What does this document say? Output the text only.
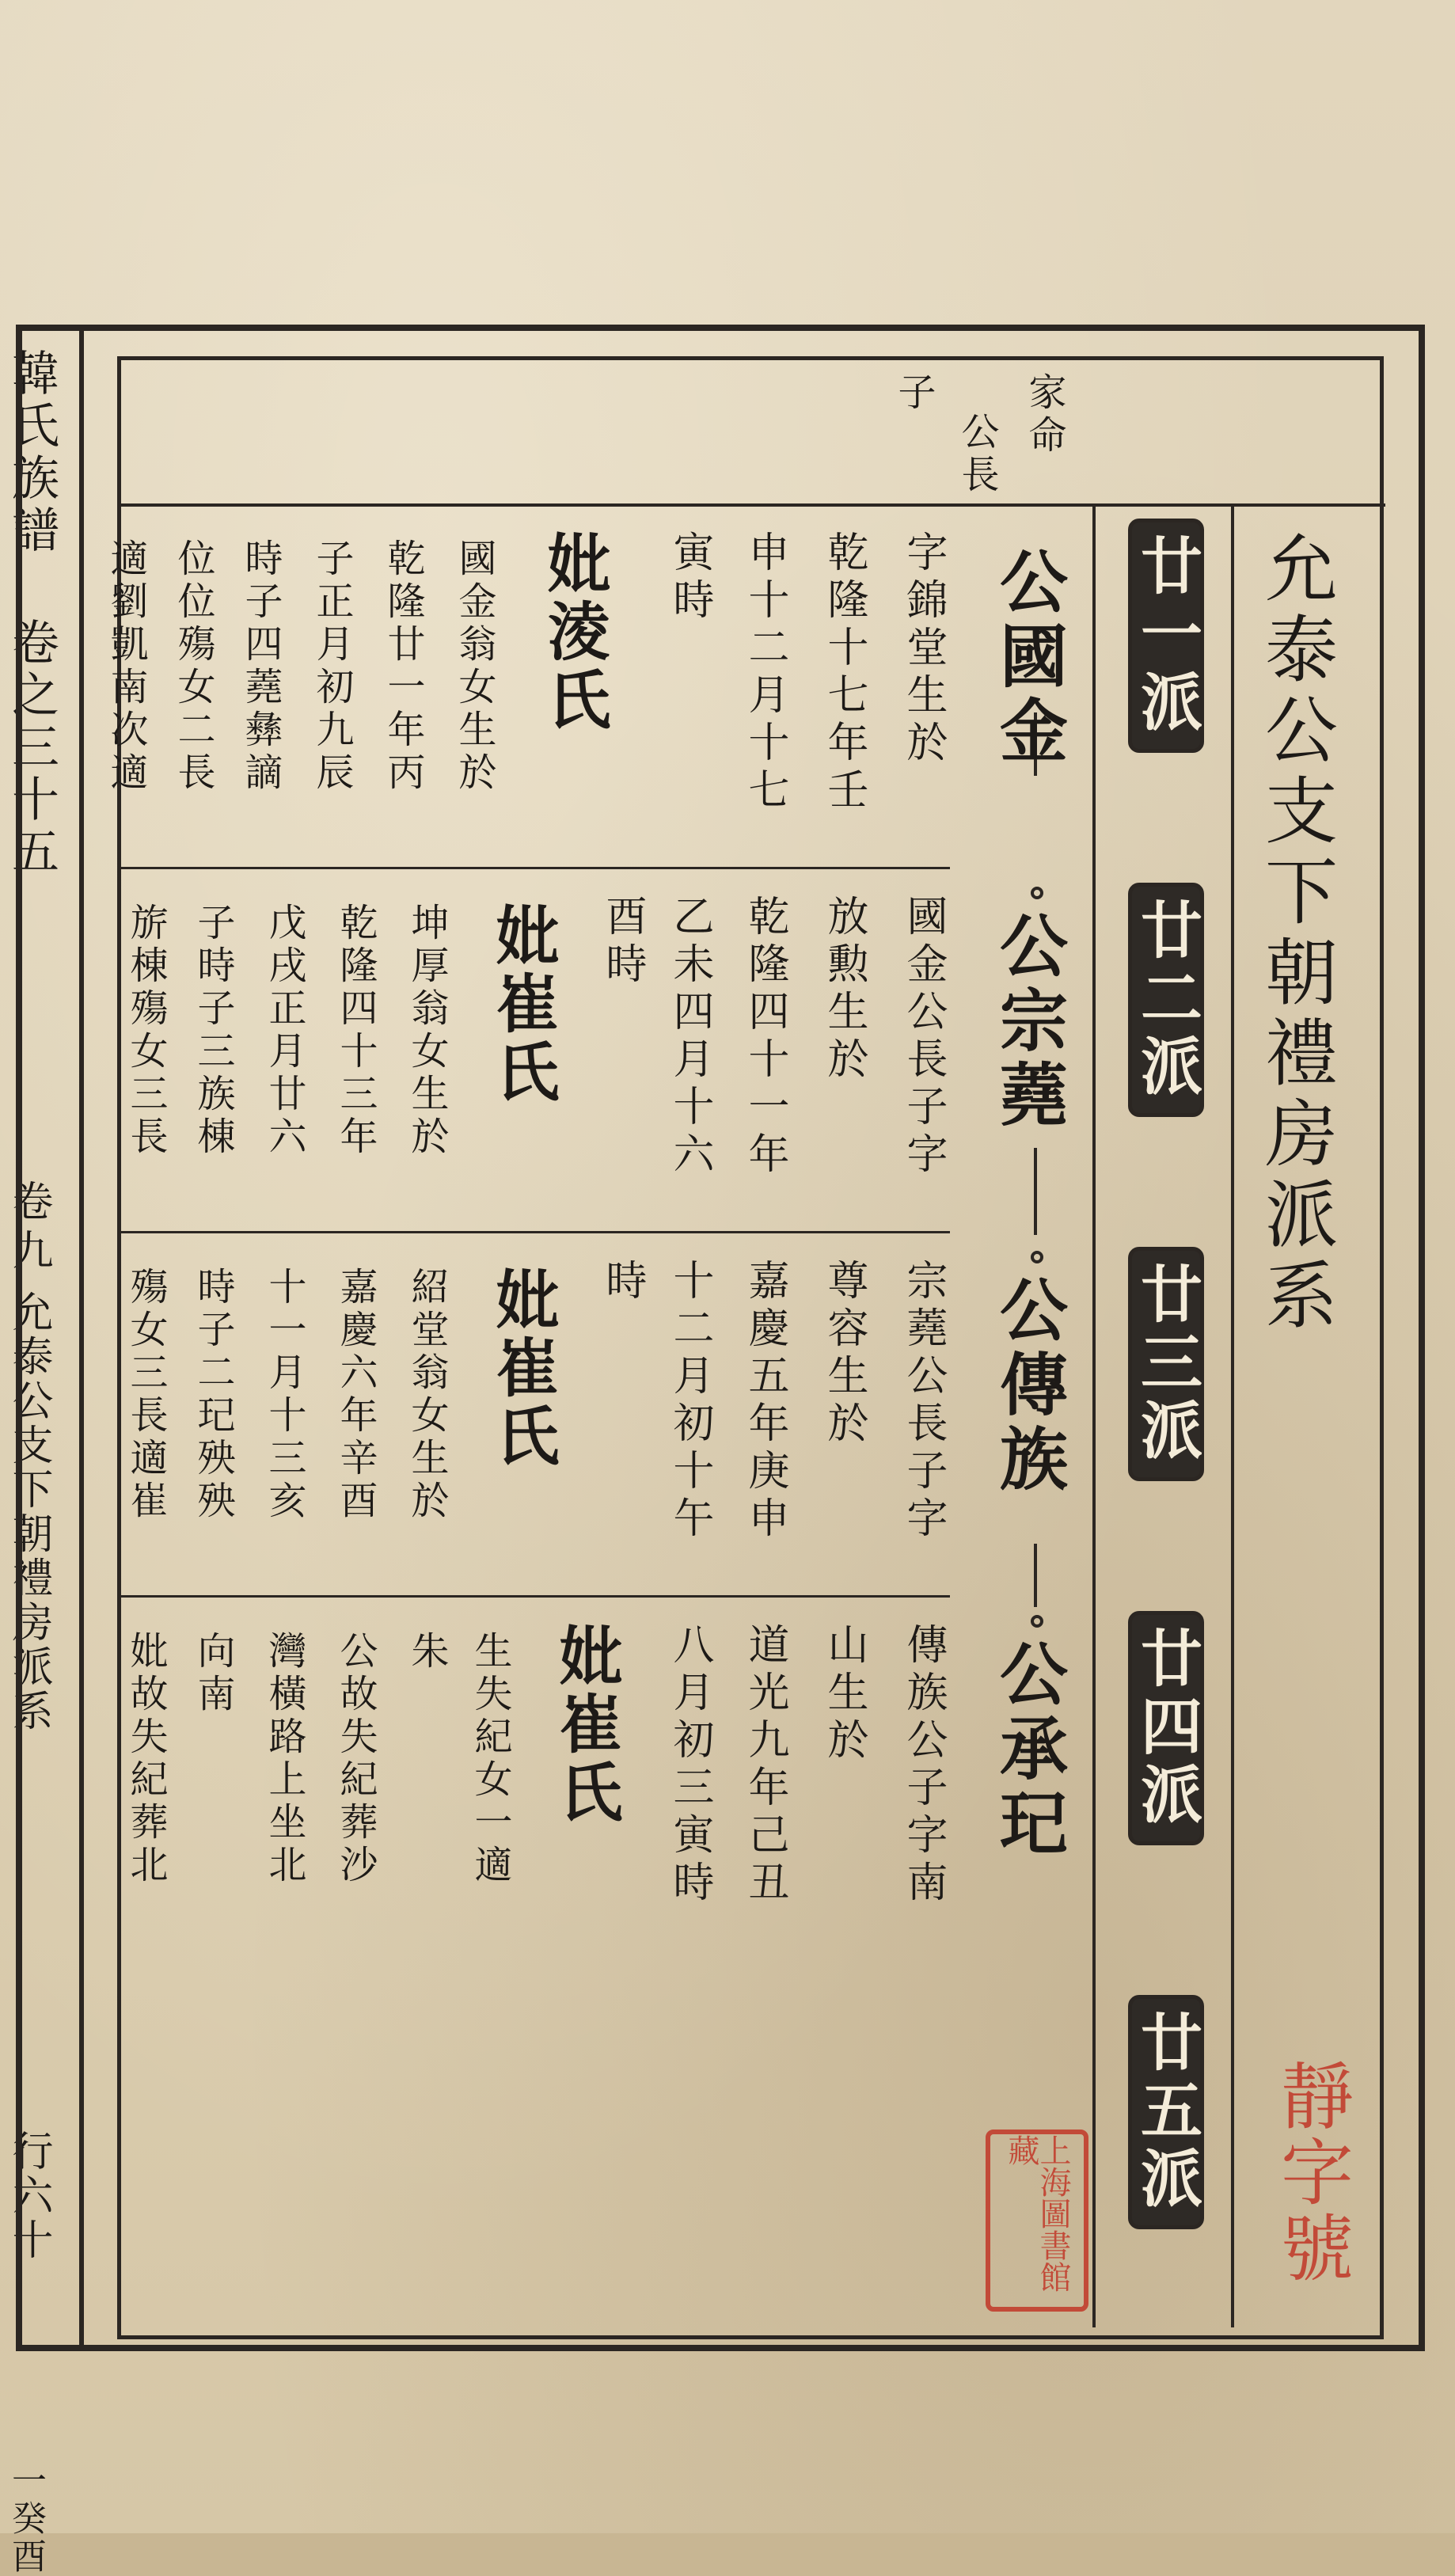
韓氏族譜
卷之三十五
卷九
允泰公支下朝禮房派系
行六十
一癸酉
允泰公支下朝禮房派系
廿一派
廿二派
廿三派
廿四派
廿五派
家命
公長
子
公國金
公宗蕘
公傳族
公承玘
字錦堂生於
乾隆十七年壬
申十二月十七
寅時
國金公長子字
放勲生於
乾隆四十一年
乙未四月十六
酉時
宗蕘公長子字
尊容生於
嘉慶五年庚申
十二月初十午
時
傳族公子字南
山生於
道光九年己丑
八月初三寅時
妣淩氏
國金翁女生於
乾隆廿一年丙
子正月初九辰
時子四蕘彝謫
位位殤女二長
適劉凱南次適
妣崔氏
坤厚翁女生於
乾隆四十三年
戊戌正月廿六
子時子三族棟
旂棟殤女三長
妣崔氏
紹堂翁女生於
嘉慶六年辛酉
十一月十三亥
時子二玘殃殃
殤女三長適崔
妣崔氏
生失紀女一適
朱
公故失紀葬沙
灣橫路上坐北
向南
妣故失紀葬北
上海圖書館藏	靜字號
